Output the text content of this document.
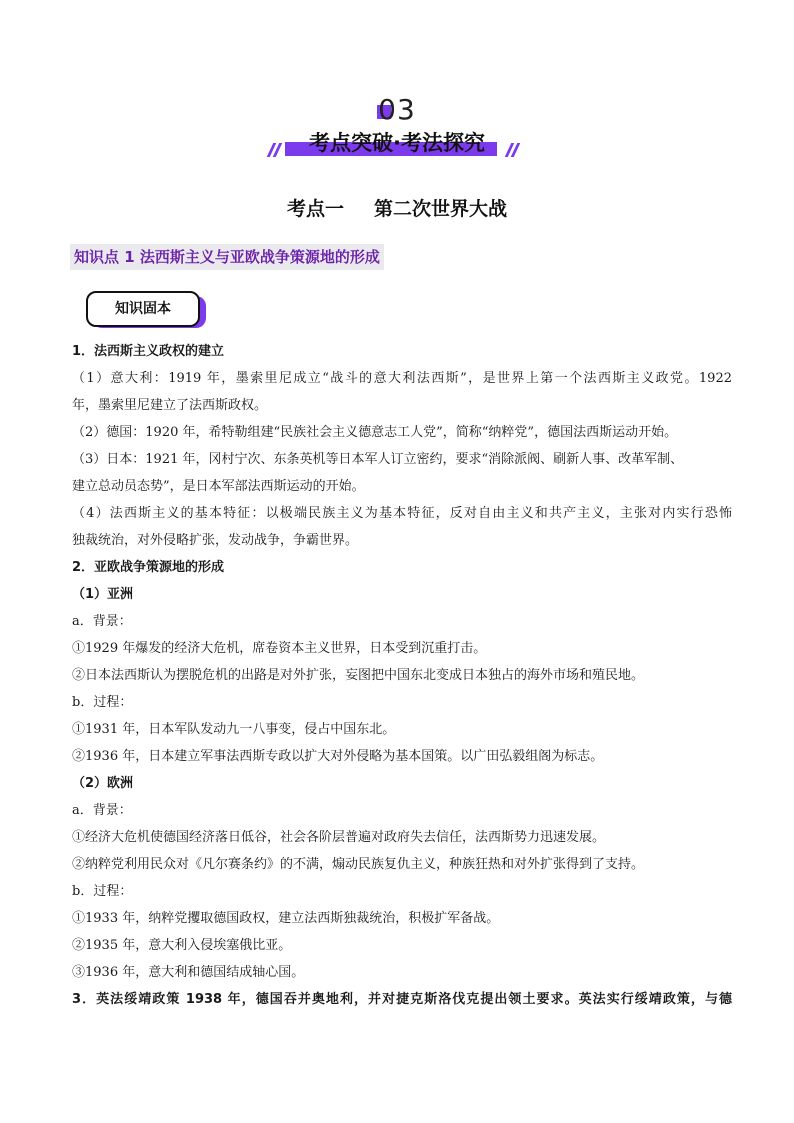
03
考点突破·考法探究
考点一 第二次世界大战
知识点 1 法西斯主义与亚欧战争策源地的形成
知识固本
1．法西斯主义政权的建立
（1）意大利：1919 年，墨索里尼成立“战斗的意大利法西斯”，是世界上第一个法西斯主义政党。1922
年，墨索里尼建立了法西斯政权。
（2）德国：1920 年，希特勒组建“民族社会主义德意志工人党”，简称“纳粹党”，德国法西斯运动开始。
（3）日本：1921 年，冈村宁次、东条英机等日本军人订立密约，要求“消除派阀、刷新人事、改革军制、
建立总动员态势”，是日本军部法西斯运动的开始。
（4）法西斯主义的基本特征：以极端民族主义为基本特征，反对自由主义和共产主义，主张对内实行恐怖
独裁统治，对外侵略扩张，发动战争，争霸世界。
2．亚欧战争策源地的形成
（1）亚洲
a．背景：
①1929 年爆发的经济大危机，席卷资本主义世界，日本受到沉重打击。
②日本法西斯认为摆脱危机的出路是对外扩张，妄图把中国东北变成日本独占的海外市场和殖民地。
b．过程：
①1931 年，日本军队发动九一八事变，侵占中国东北。
②1936 年，日本建立军事法西斯专政以扩大对外侵略为基本国策。以广田弘毅组阁为标志。
（2）欧洲
a．背景：
①经济大危机使德国经济落日低谷，社会各阶层普遍对政府失去信任，法西斯势力迅速发展。
②纳粹党利用民众对《凡尔赛条约》的不满，煽动民族复仇主义，种族狂热和对外扩张得到了支持。
b．过程：
①1933 年，纳粹党攫取德国政权，建立法西斯独裁统治，积极扩军备战。
②1935 年，意大利入侵埃塞俄比亚。
③1936 年，意大利和德国结成轴心国。
3．英法绥靖政策 1938 年，德国吞并奥地利，并对捷克斯洛伐克提出领土要求。英法实行绥靖政策，与德
